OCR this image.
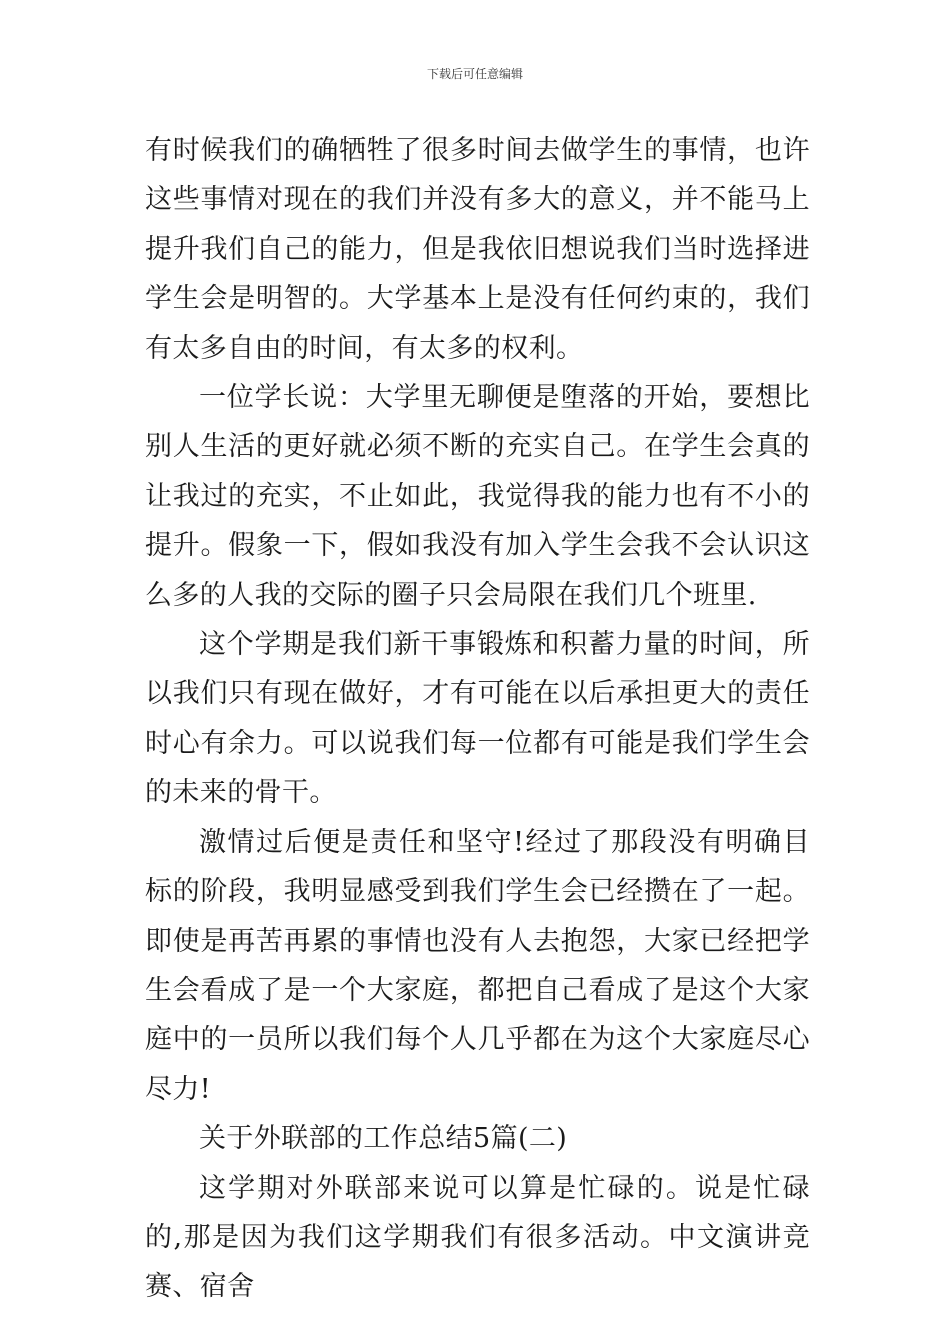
下载后可任意编辑

有时候我们的确牺牲了很多时间去做学生的事情，也许这些事情对现在的我们并没有多大的意义，并不能马上提升我们自己的能力，但是我依旧想说我们当时选择进学生会是明智的。大学基本上是没有任何约束的，我们有太多自由的时间，有太多的权利。

一位学长说：大学里无聊便是堕落的开始，要想比别人生活的更好就必须不断的充实自己。在学生会真的让我过的充实，不止如此，我觉得我的能力也有不小的提升。假象一下，假如我没有加入学生会我不会认识这么多的人我的交际的圈子只会局限在我们几个班里.

这个学期是我们新干事锻炼和积蓄力量的时间，所以我们只有现在做好，才有可能在以后承担更大的责任时心有余力。可以说我们每一位都有可能是我们学生会的未来的骨干。

激情过后便是责任和坚守!经过了那段没有明确目标的阶段，我明显感受到我们学生会已经攒在了一起。即使是再苦再累的事情也没有人去抱怨，大家已经把学生会看成了是一个大家庭，都把自己看成了是这个大家庭中的一员所以我们每个人几乎都在为这个大家庭尽心尽力!

关于外联部的工作总结5篇(二)

这学期对外联部来说可以算是忙碌的。说是忙碌的,那是因为我们这学期我们有很多活动。中文演讲竞赛、宿舍
